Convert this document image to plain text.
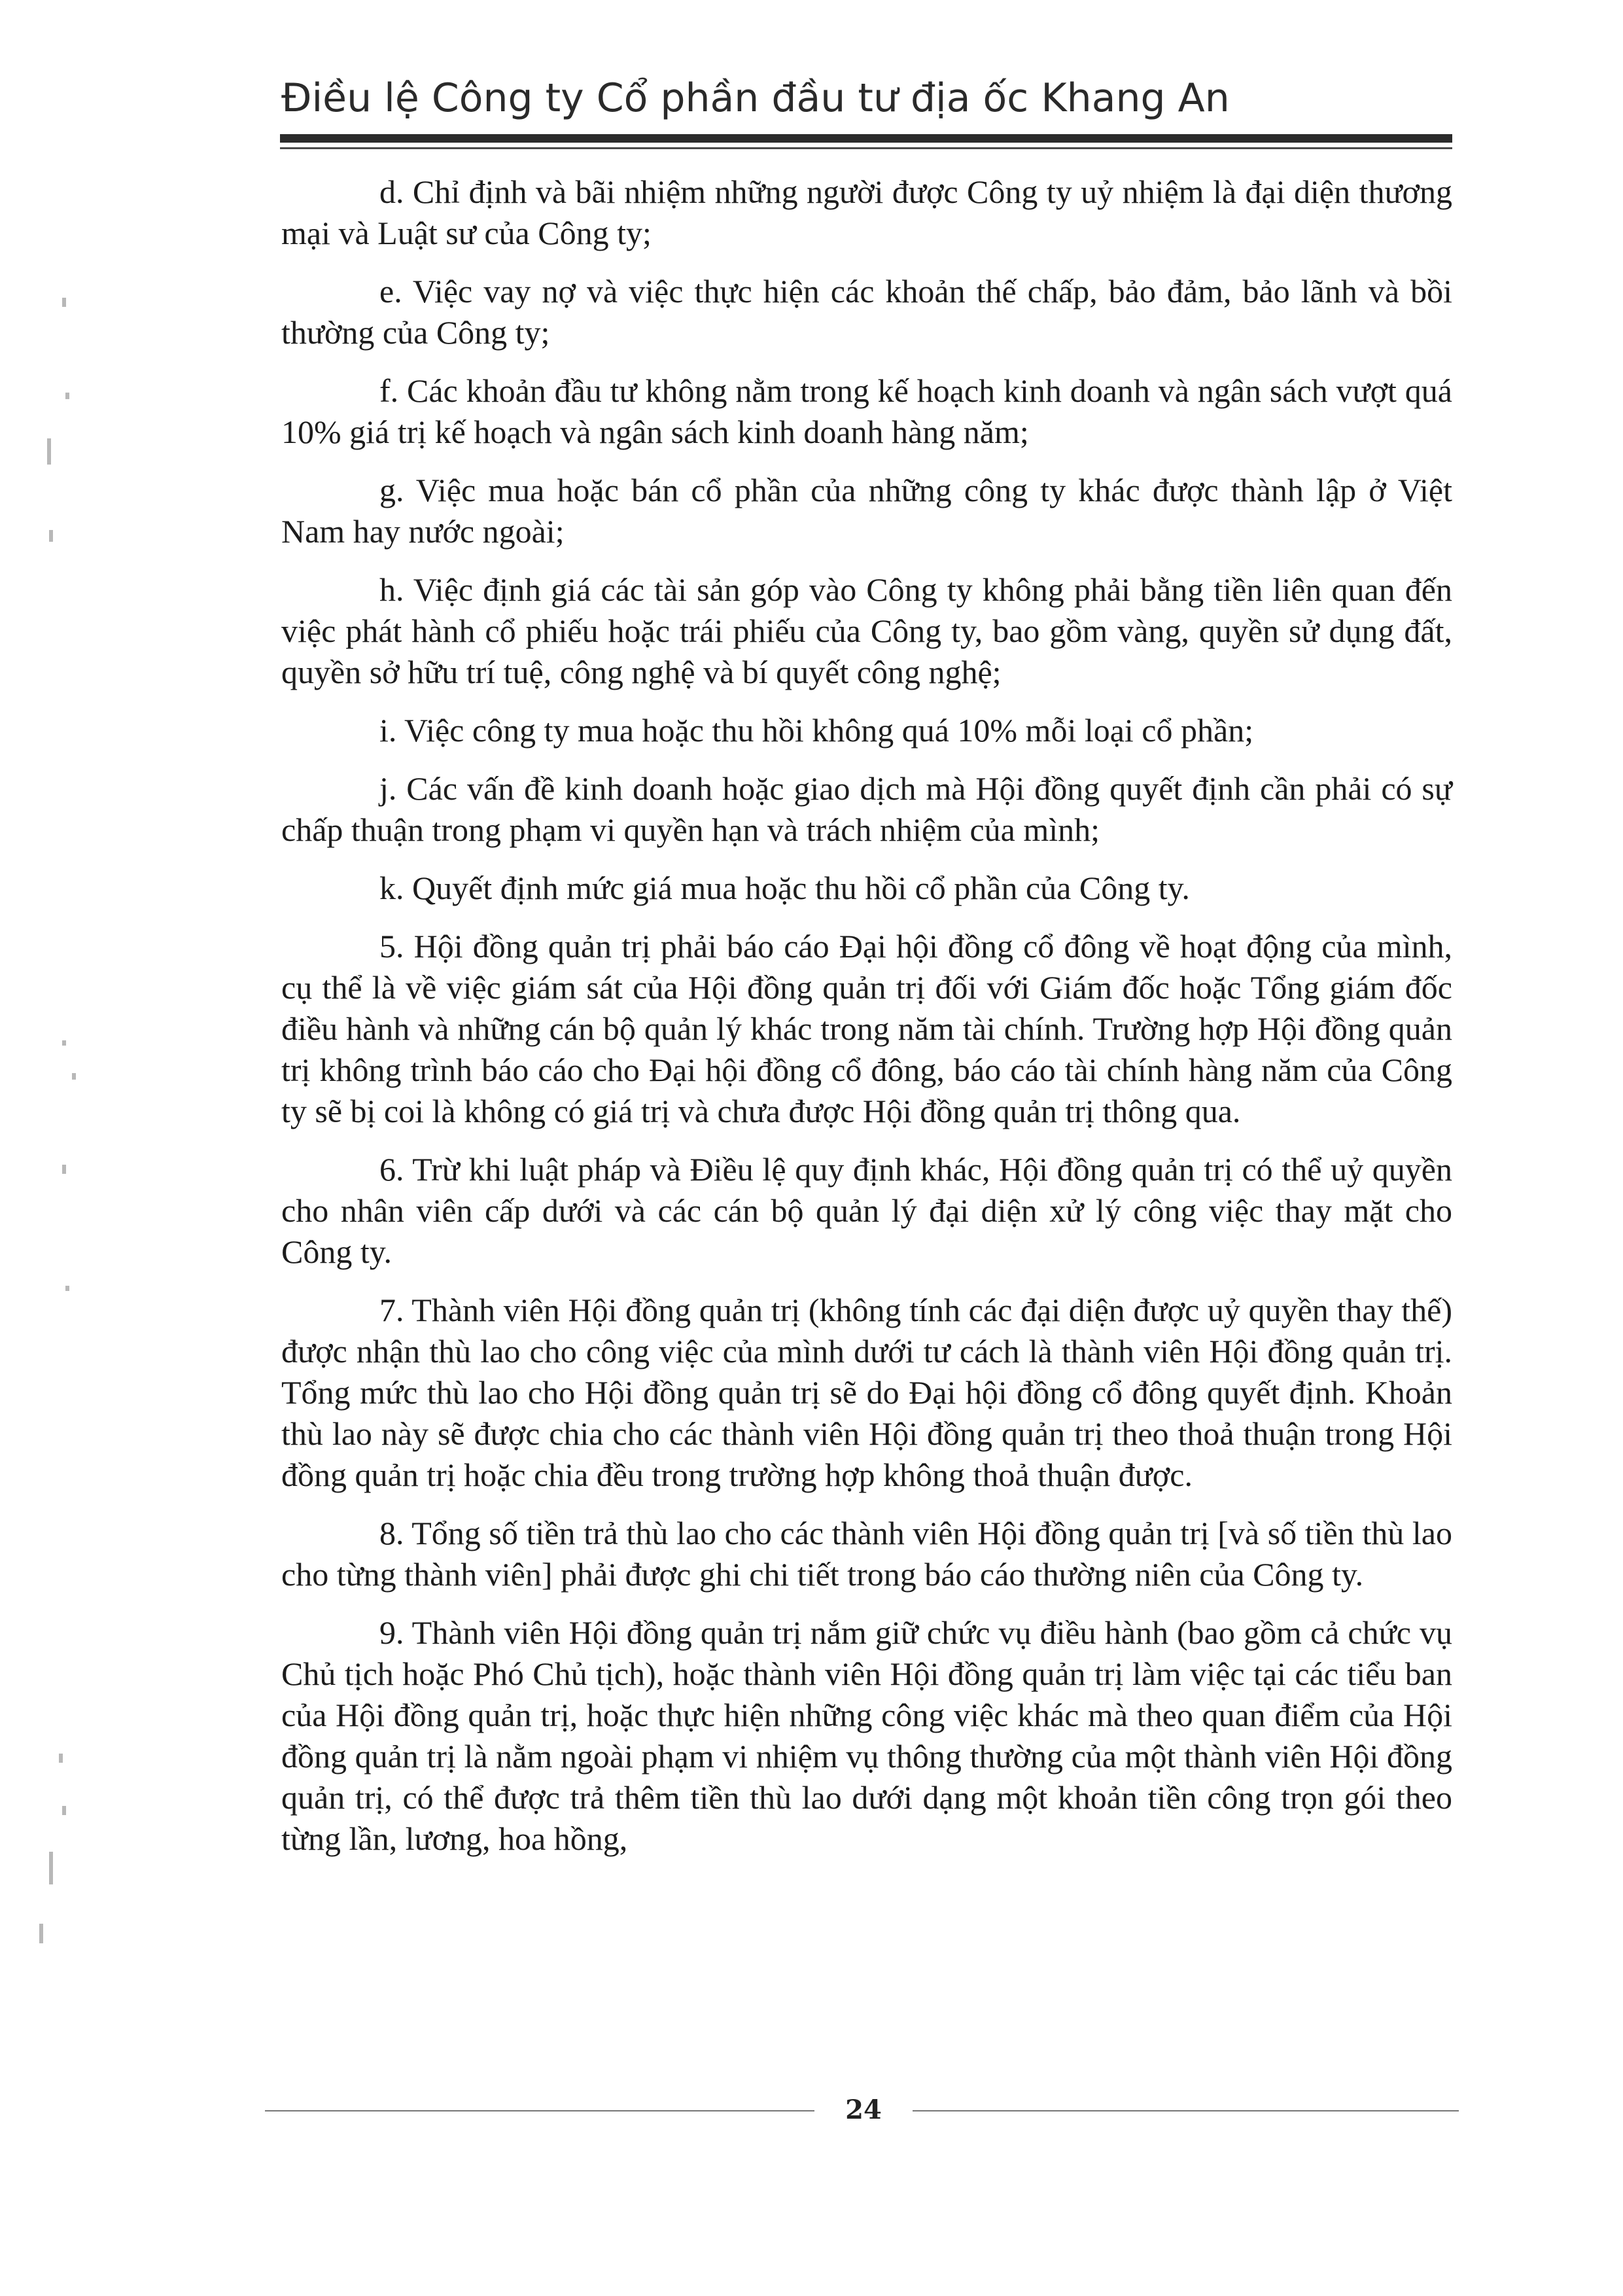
Điều lệ Công ty Cổ phần đầu tư địa ốc Khang An

d. Chỉ định và bãi nhiệm những người được Công ty uỷ nhiệm là đại diện thương mại và Luật sư của Công ty;

e. Việc vay nợ và việc thực hiện các khoản thế chấp, bảo đảm, bảo lãnh và bồi thường của Công ty;

f. Các khoản đầu tư không nằm trong kế hoạch kinh doanh và ngân sách vượt quá 10% giá trị kế hoạch và ngân sách kinh doanh hàng năm;

g. Việc mua hoặc bán cổ phần của những công ty khác được thành lập ở Việt Nam hay nước ngoài;

h. Việc định giá các tài sản góp vào Công ty không phải bằng tiền liên quan đến việc phát hành cổ phiếu hoặc trái phiếu của Công ty, bao gồm vàng, quyền sử dụng đất, quyền sở hữu trí tuệ, công nghệ và bí quyết công nghệ;

i. Việc công ty mua hoặc thu hồi không quá 10% mỗi loại cổ phần;

j. Các vấn đề kinh doanh hoặc giao dịch mà Hội đồng quyết định cần phải có sự chấp thuận trong phạm vi quyền hạn và trách nhiệm của mình;

k. Quyết định mức giá mua hoặc thu hồi cổ phần của Công ty.

5. Hội đồng quản trị phải báo cáo Đại hội đồng cổ đông về hoạt động của mình, cụ thể là về việc giám sát của Hội đồng quản trị đối với Giám đốc hoặc Tổng giám đốc điều hành và những cán bộ quản lý khác trong năm tài chính. Trường hợp Hội đồng quản trị không trình báo cáo cho Đại hội đồng cổ đông, báo cáo tài chính hàng năm của Công ty sẽ bị coi là không có giá trị và chưa được Hội đồng quản trị thông qua.

6. Trừ khi luật pháp và Điều lệ quy định khác, Hội đồng quản trị có thể uỷ quyền cho nhân viên cấp dưới và các cán bộ quản lý đại diện xử lý công việc thay mặt cho Công ty.

7. Thành viên Hội đồng quản trị (không tính các đại diện được uỷ quyền thay thế) được nhận thù lao cho công việc của mình dưới tư cách là thành viên Hội đồng quản trị. Tổng mức thù lao cho Hội đồng quản trị sẽ do Đại hội đồng cổ đông quyết định. Khoản thù lao này sẽ được chia cho các thành viên Hội đồng quản trị theo thoả thuận trong Hội đồng quản trị hoặc chia đều trong trường hợp không thoả thuận được.

8. Tổng số tiền trả thù lao cho các thành viên Hội đồng quản trị [và số tiền thù lao cho từng thành viên] phải được ghi chi tiết trong báo cáo thường niên của Công ty.

9. Thành viên Hội đồng quản trị nắm giữ chức vụ điều hành (bao gồm cả chức vụ Chủ tịch hoặc Phó Chủ tịch), hoặc thành viên Hội đồng quản trị làm việc tại các tiểu ban của Hội đồng quản trị, hoặc thực hiện những công việc khác mà theo quan điểm của Hội đồng quản trị là nằm ngoài phạm vi nhiệm vụ thông thường của một thành viên Hội đồng quản trị, có thể được trả thêm tiền thù lao dưới dạng một khoản tiền công trọn gói theo từng lần, lương, hoa hồng,

24
